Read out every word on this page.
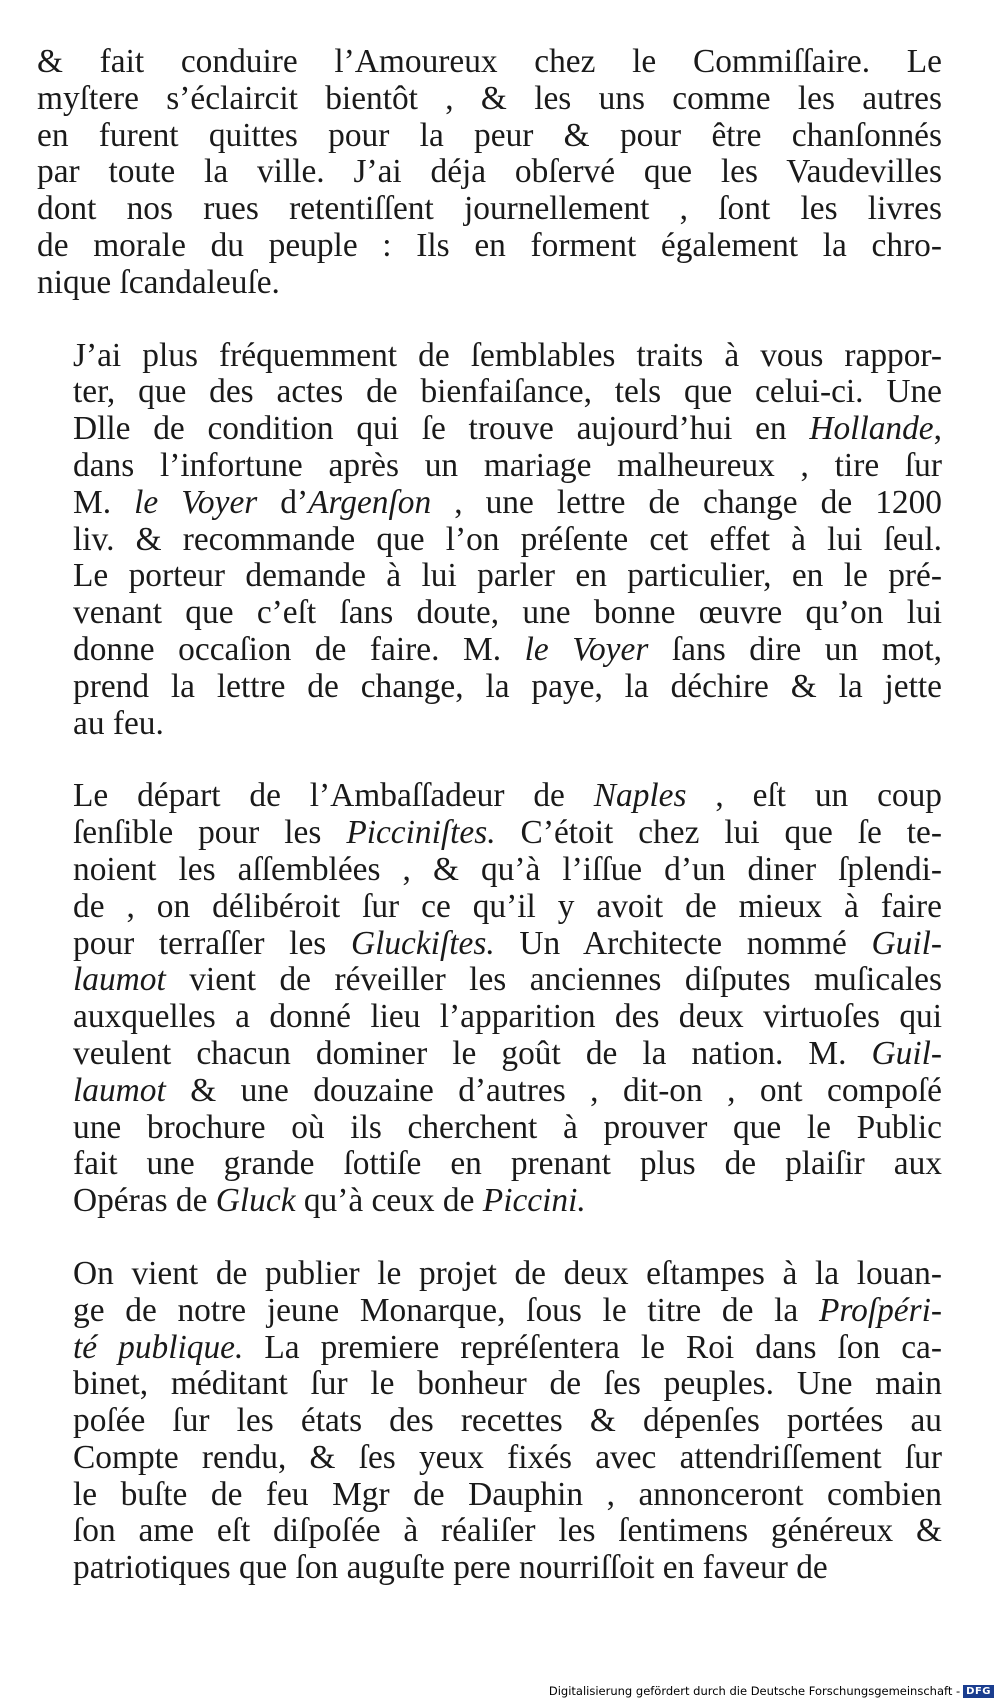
& fait conduire l’Amoureux chez le Commiſſaire. Le
myſtere s’éclaircit bientôt , & les uns comme les autres
en furent quittes pour la peur & pour être chanſonnés
par toute la ville. J’ai déja obſervé que les Vaudevilles
dont nos rues retentiſſent journellement , ſont les livres
de morale du peuple : Ils en forment également la chro-
nique ſcandaleuſe.

J’ai plus fréquemment de ſemblables traits à vous rappor-
ter, que des actes de bienfaiſance, tels que celui-ci. Une
Dlle de condition qui ſe trouve aujourd’hui en Hollande,
dans l’infortune après un mariage malheureux , tire ſur
M. le Voyer d’Argenſon , une lettre de change de 1200
liv. & recommande que l’on préſente cet effet à lui ſeul.
Le porteur demande à lui parler en particulier, en le pré-
venant que c’eſt ſans doute, une bonne œuvre qu’on lui
donne occaſion de faire. M. le Voyer ſans dire un mot,
prend la lettre de change, la paye, la déchire & la jette
au feu.

Le départ de l’Ambaſſadeur de Naples , eſt un coup
ſenſible pour les Picciniſtes. C’étoit chez lui que ſe te-
noient les aſſemblées , & qu’à l’iſſue d’un diner ſplendi-
de , on délibéroit ſur ce qu’il y avoit de mieux à faire
pour terraſſer les Gluckiſtes. Un Architecte nommé Guil-
laumot vient de réveiller les anciennes diſputes muſicales
auxquelles a donné lieu l’apparition des deux virtuoſes qui
veulent chacun dominer le goût de la nation. M. Guil-
laumot & une douzaine d’autres , dit-on , ont compoſé
une brochure où ils cherchent à prouver que le Public
fait une grande ſottiſe en prenant plus de plaiſir aux
Opéras de Gluck qu’à ceux de Piccini.

On vient de publier le projet de deux eſtampes à la louan-
ge de notre jeune Monarque, ſous le titre de la Proſpéri-
té publique. La premiere repréſentera le Roi dans ſon ca-
binet, méditant ſur le bonheur de ſes peuples. Une main
poſée ſur les états des recettes & dépenſes portées au
Compte rendu, & ſes yeux fixés avec attendriſſement ſur
le buſte de feu Mgr de Dauphin , annonceront combien
ſon ame eſt diſpoſée à réaliſer les ſentimens généreux &
patriotiques que ſon auguſte pere nourriſſoit en faveur de

Digitalisierung gefördert durch die Deutsche Forschungsgemeinschaft - DFG
